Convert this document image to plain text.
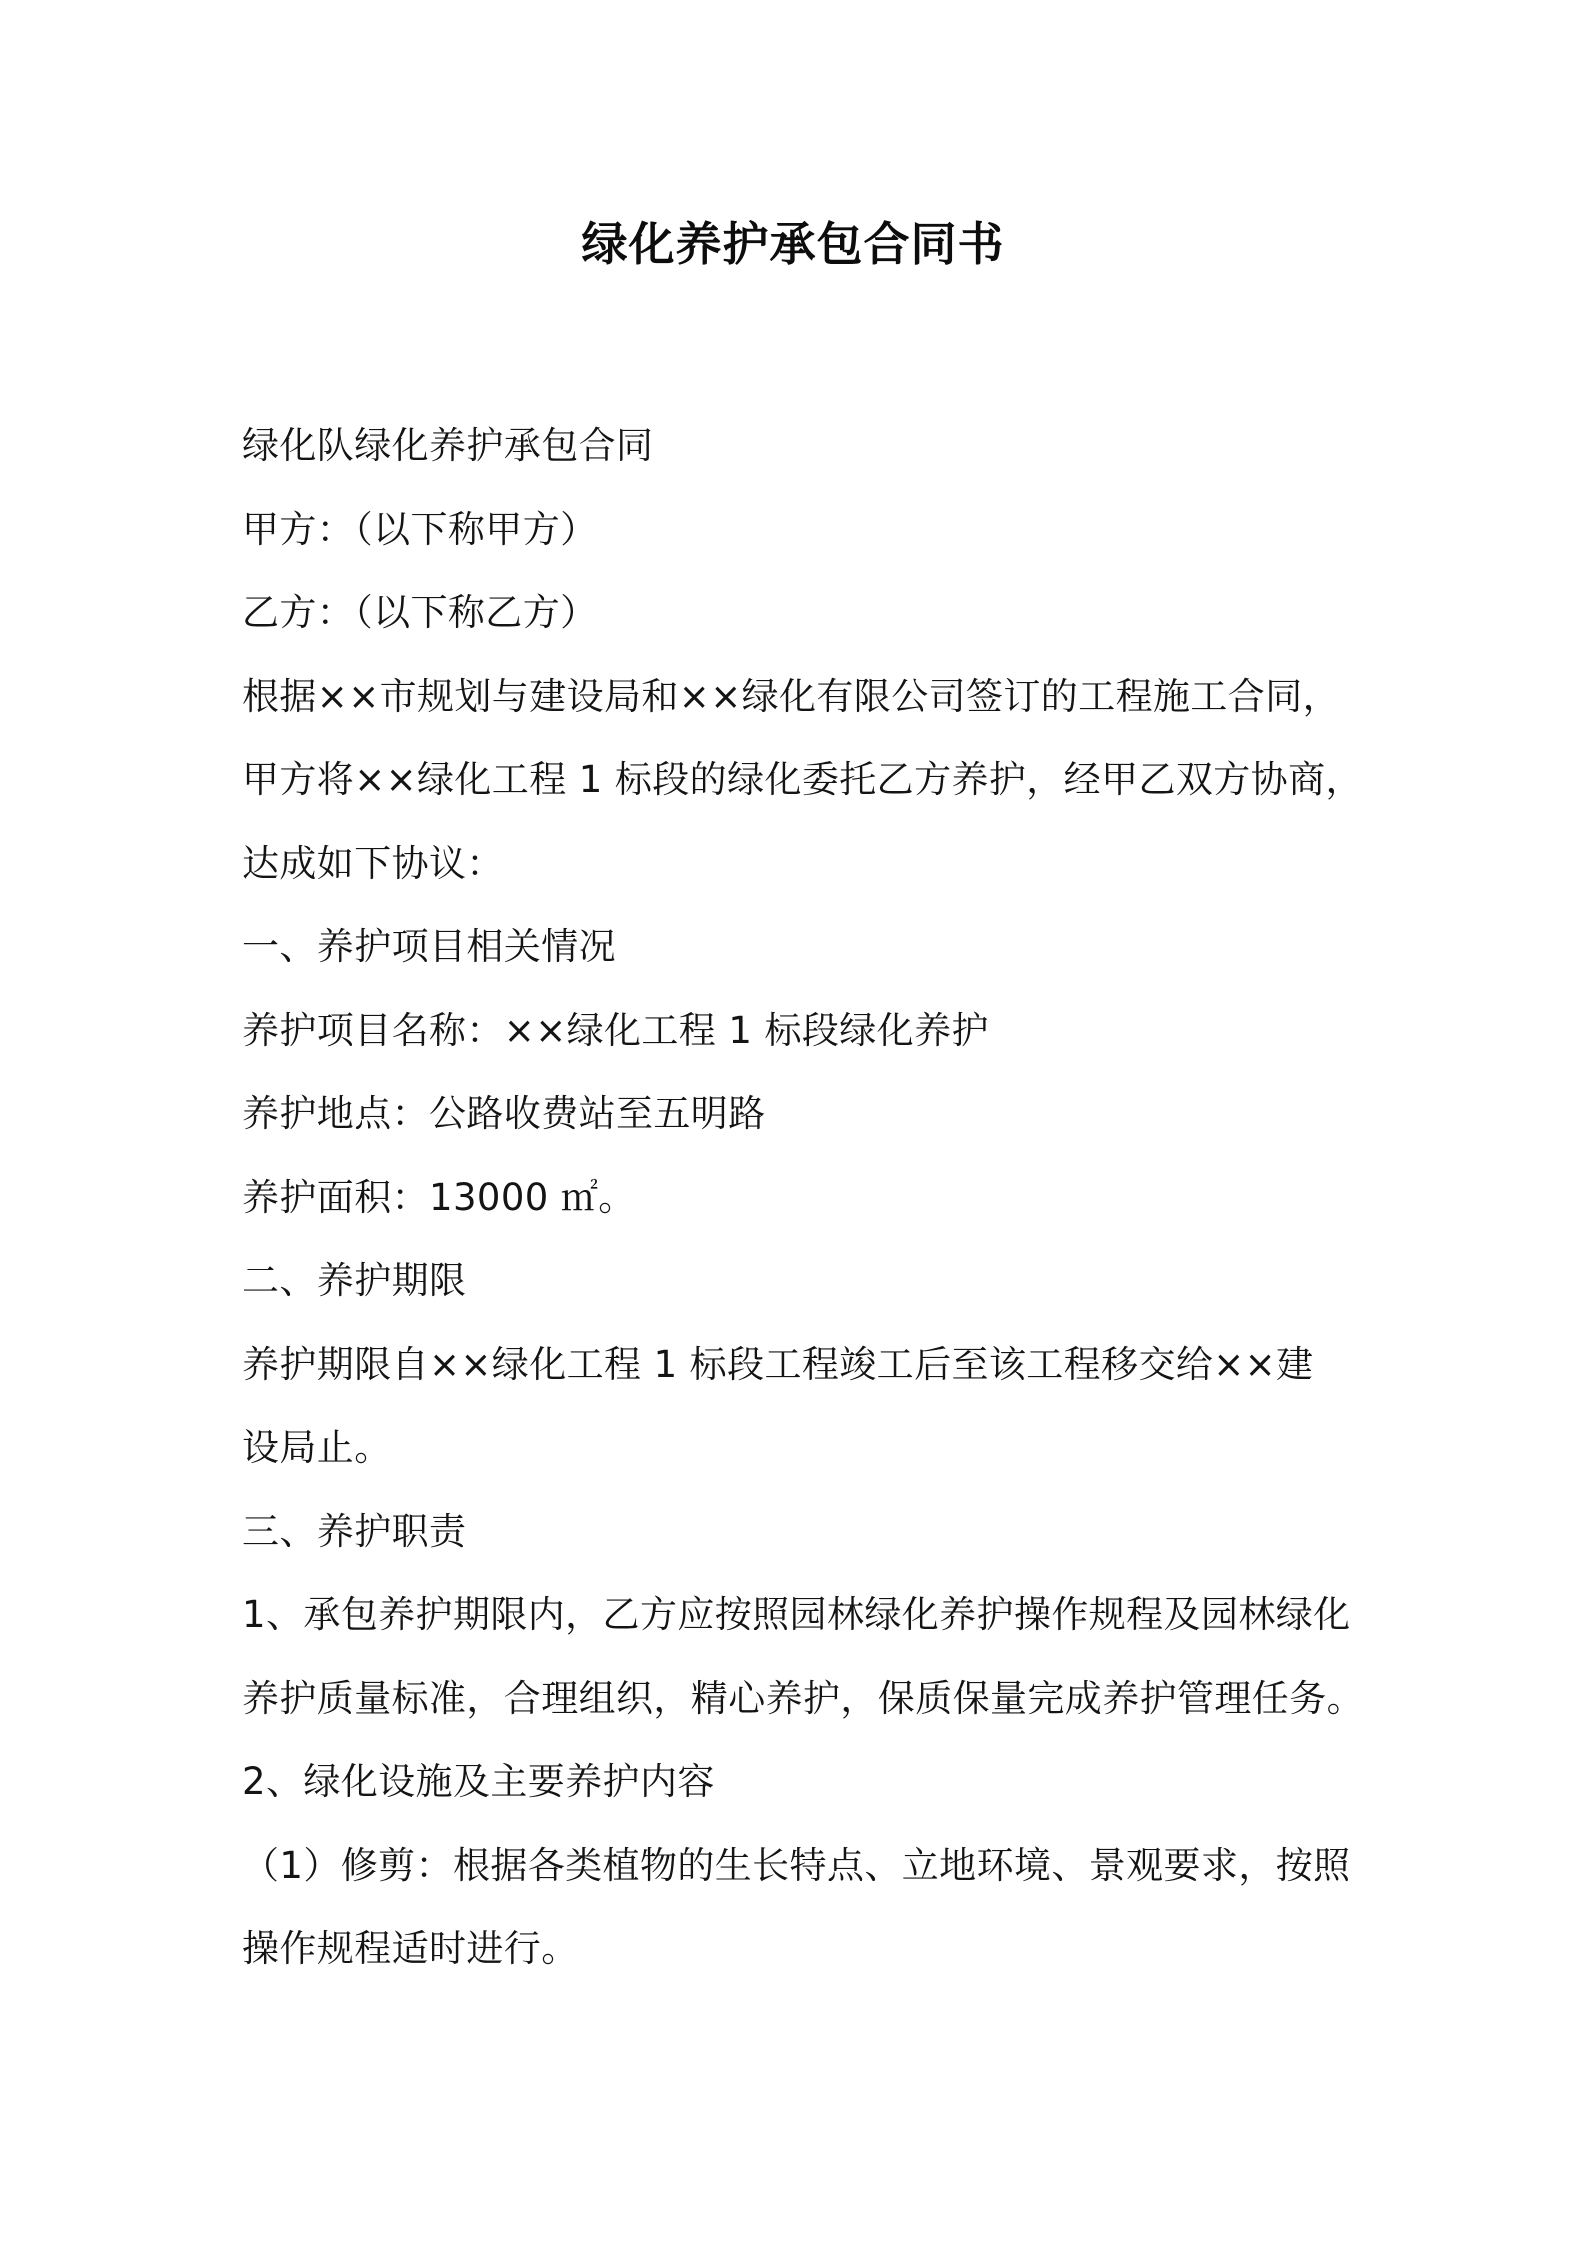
绿化养护承包合同书
绿化队绿化养护承包合同
甲方：（以下称甲方）
乙方：（以下称乙方）
根据××市规划与建设局和××绿化有限公司签订的工程施工合同，
甲方将××绿化工程 1 标段的绿化委托乙方养护，经甲乙双方协商，
达成如下协议：
一、养护项目相关情况
养护项目名称：××绿化工程 1 标段绿化养护
养护地点：公路收费站至五明路
养护面积：13000 ㎡。
二、养护期限
养护期限自××绿化工程 1 标段工程竣工后至该工程移交给××建
设局止。
三、养护职责
1、承包养护期限内，乙方应按照园林绿化养护操作规程及园林绿化
养护质量标准，合理组织，精心养护，保质保量完成养护管理任务。
2、绿化设施及主要养护内容
（1）修剪：根据各类植物的生长特点、立地环境、景观要求，按照
操作规程适时进行。
